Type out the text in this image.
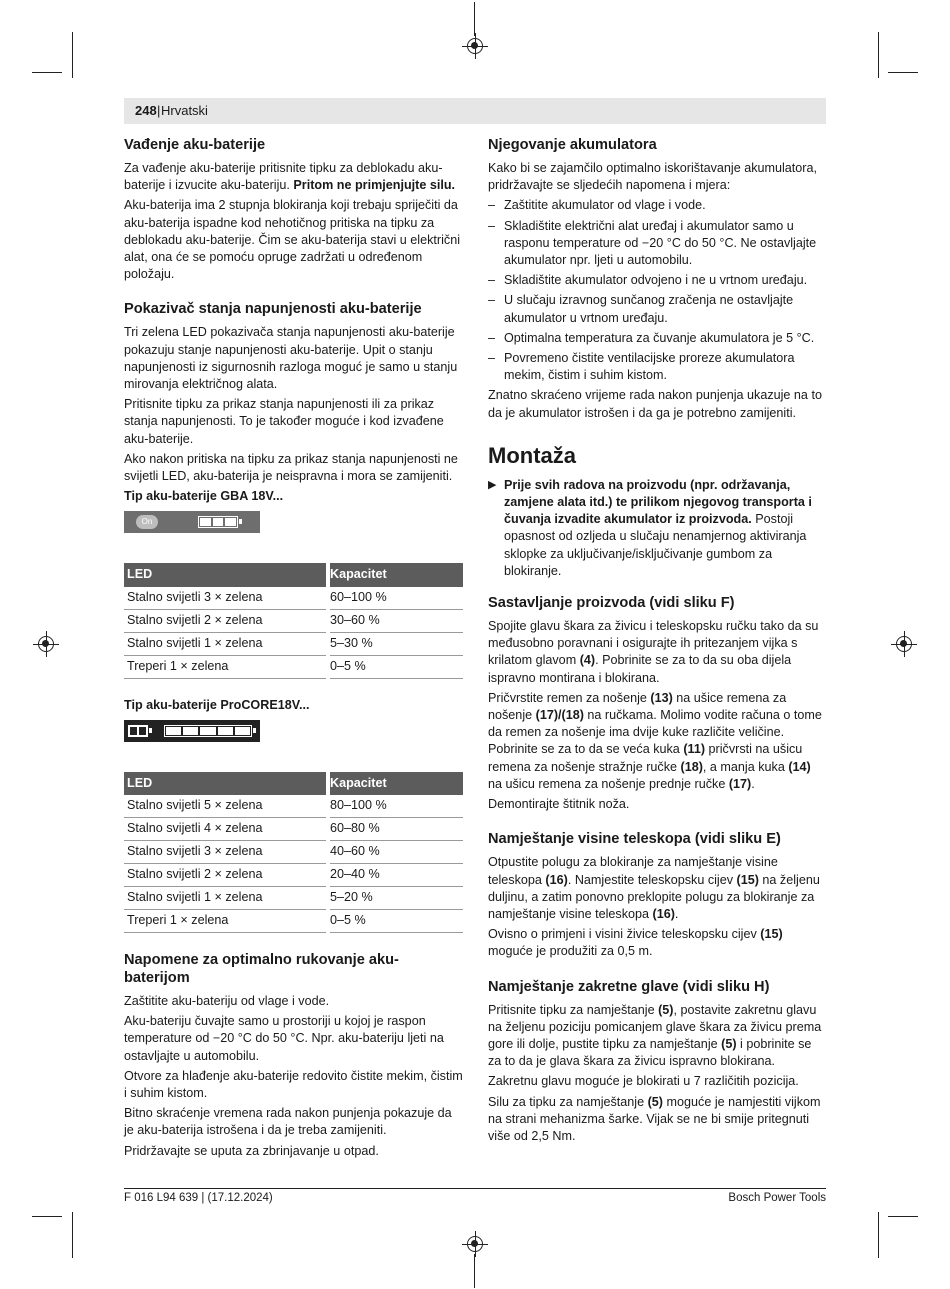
248 | Hrvatski
Vađenje aku-baterije

Za vađenje aku-baterije pritisnite tipku za deblokadu aku-baterije i izvucite aku-bateriju. Pritom ne primjenjujte silu.

Aku-baterija ima 2 stupnja blokiranja koji trebaju spriječiti da aku-baterija ispadne kod nehotičnog pritiska na tipku za deblokadu aku-baterije. Čim se aku-baterija stavi u električni alat, ona će se pomoću opruge zadržati u određenom položaju.

Pokazivač stanja napunjenosti aku-baterije

Tri zelena LED pokazivača stanja napunjenosti aku-baterije pokazuju stanje napunjenosti aku-baterije. Upit o stanju napunjenosti iz sigurnosnih razloga moguć je samo u stanju mirovanja električnog alata.

Pritisnite tipku za prikaz stanja napunjenosti ili za prikaz stanja napunjenosti. To je također moguće i kod izvađene aku-baterije.

Ako nakon pritiska na tipku za prikaz stanja napunjenosti ne svijetli LED, aku-baterija je neispravna i mora se zamijeniti.

Tip aku-baterije GBA 18V...

On
LED	Kapacitet
Stalno svijetli 3 × zelena	60–100 %
Stalno svijetli 2 × zelena	30–60 %
Stalno svijetli 1 × zelena	5–30 %
Treperi 1 × zelena	0–5 %

Tip aku-baterije ProCORE18V...

LED	Kapacitet
Stalno svijetli 5 × zelena	80–100 %
Stalno svijetli 4 × zelena	60–80 %
Stalno svijetli 3 × zelena	40–60 %
Stalno svijetli 2 × zelena	20–40 %
Stalno svijetli 1 × zelena	5–20 %
Treperi 1 × zelena	0–5 %
Napomene za optimalno rukovanje aku-baterijom

Zaštitite aku-bateriju od vlage i vode.

Aku-bateriju čuvajte samo u prostoriji u kojoj je raspon temperature od −20 °C do 50 °C. Npr. aku-bateriju ljeti na ostavljajte u automobilu.

Otvore za hlađenje aku-baterije redovito čistite mekim, čistim i suhim kistom.

Bitno skraćenje vremena rada nakon punjenja pokazuje da je aku-baterija istrošena i da je treba zamijeniti.

Pridržavajte se uputa za zbrinjavanje u otpad.

Njegovanje akumulatora

Kako bi se zajamčilo optimalno iskorištavanje akumulatora, pridržavajte se sljedećih napomena i mjera:

– Zaštitite akumulator od vlage i vode.
– Skladištite električni alat uređaj i akumulator samo u rasponu temperature od −20 °C do 50 °C. Ne ostavljajte akumulator npr. ljeti u automobilu.
– Skladištite akumulator odvojeno i ne u vrtnom uređaju.
– U slučaju izravnog sunčanog zračenja ne ostavljajte akumulator u vrtnom uređaju.
– Optimalna temperatura za čuvanje akumulatora je 5 °C.
– Povremeno čistite ventilacijske proreze akumulatora mekim, čistim i suhim kistom.

Znatno skraćeno vrijeme rada nakon punjenja ukazuje na to da je akumulator istrošen i da ga je potrebno zamijeniti.

Montaža
▶ Prije svih radova na proizvodu (npr. održavanja, zamjene alata itd.) te prilikom njegovog transporta i čuvanja izvadite akumulator iz proizvoda. Postoji opasnost od ozljeda u slučaju nenamjernog aktiviranja sklopke za uključivanje/isključivanje gumbom za blokiranje.
Sastavljanje proizvoda (vidi sliku F)

Spojite glavu škara za živicu i teleskopsku ručku tako da su međusobno poravnani i osigurajte ih pritezanjem vijka s krilatom glavom (4). Pobrinite se za to da su oba dijela ispravno montirana i blokirana.

Pričvrstite remen za nošenje (13) na ušice remena za nošenje (17)/(18) na ručkama. Molimo vodite računa o tome da remen za nošenje ima dvije kuke različite veličine. Pobrinite se za to da se veća kuka (11) pričvrsti na ušicu remena za nošenje stražnje ručke (18), a manja kuka (14) na ušicu remena za nošenje prednje ručke (17).

Demontirajte štitnik noža.

Namještanje visine teleskopa (vidi sliku E)

Otpustite polugu za blokiranje za namještanje visine teleskopa (16). Namjestite teleskopsku cijev (15) na željenu duljinu, a zatim ponovno preklopite polugu za blokiranje za namještanje visine teleskopa (16).

Ovisno o primjeni i visini živice teleskopsku cijev (15) moguće je produžiti za 0,5 m.

Namještanje zakretne glave (vidi sliku H)

Pritisnite tipku za namještanje (5), postavite zakretnu glavu na željenu poziciju pomicanjem glave škara za živicu prema gore ili dolje, pustite tipku za namještanje (5) i pobrinite se za to da je glava škara za živicu ispravno blokirana.

Zakretnu glavu moguće je blokirati u 7 različitih pozicija.

Silu za tipku za namještanje (5) moguće je namjestiti vijkom na strani mehanizma šarke. Vijak se ne bi smije pritegnuti više od 2,5 Nm.

F 016 L94 639 | (17.12.2024)	Bosch Power Tools
